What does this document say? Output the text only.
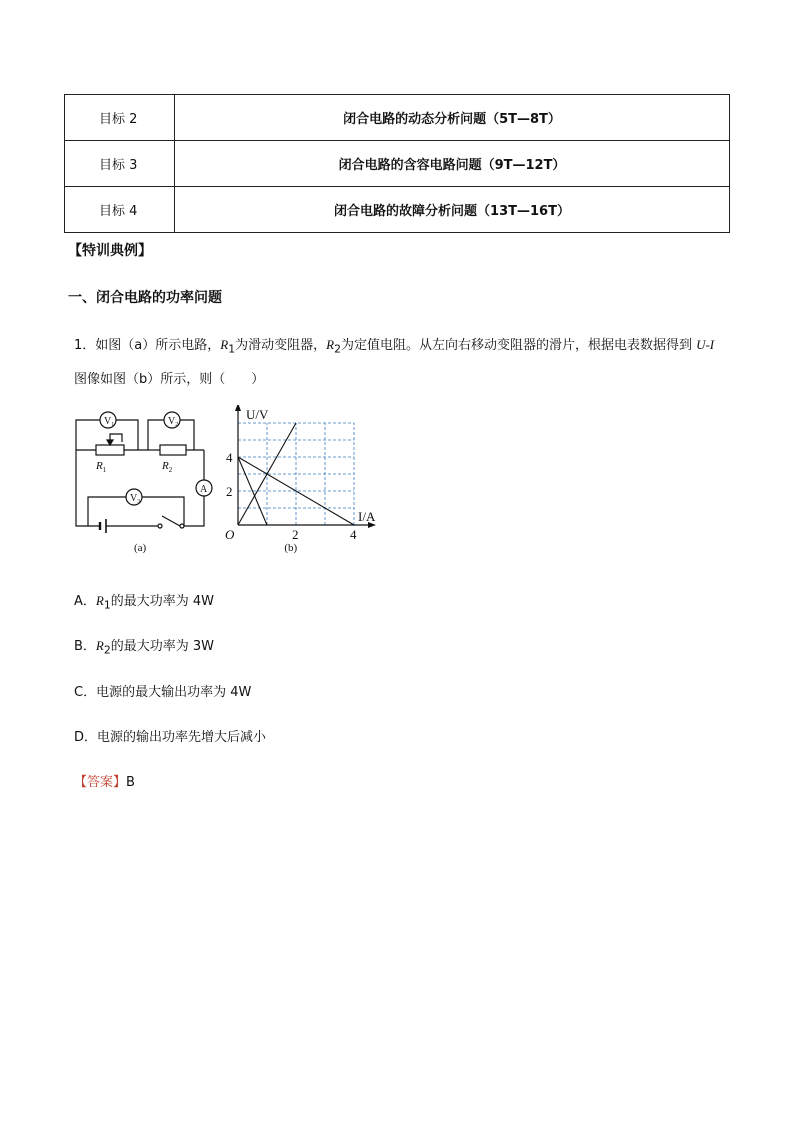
目标 2	闭合电路的动态分析问题（5T—8T）
目标 3	闭合电路的含容电路问题（9T—12T）
目标 4	闭合电路的故障分析问题（13T—16T）
【特训典例】
一、闭合电路的功率问题
1．如图（a）所示电路，$R_1$为滑动变阻器，$R_2$为定值电阻。从左向右移动变阻器的滑片，根据电表数据得到 U-I图像如图（b）所示，则（　　）
$V_1$	$V_2$
$V_3$
A
$R_1$	$R_2$
(a)
2	4
2
4
O
I/A
U/V
(b)
A．$R_1$的最大功率为 4W
B．$R_2$的最大功率为 3W
C．电源的最大输出功率为 4W
D．电源的输出功率先增大后减小
【答案】B
